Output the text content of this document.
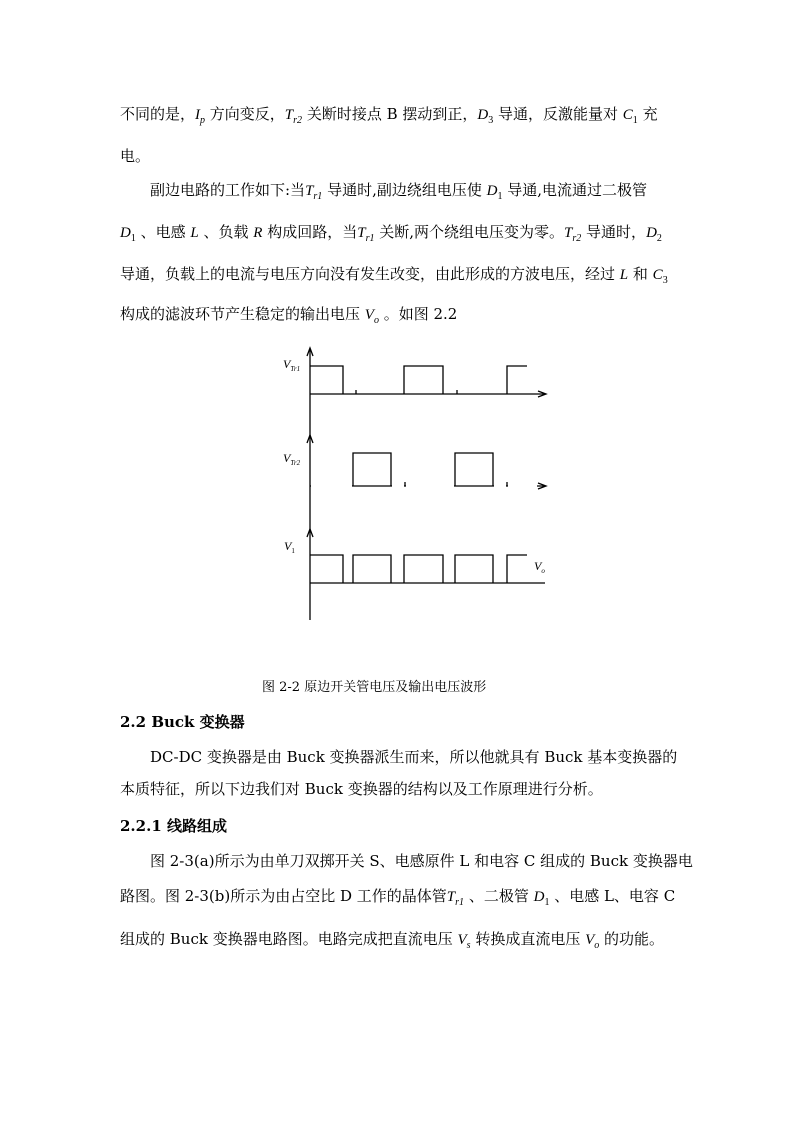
不同的是，$I_p$ 方向变反，$T_{r2}$ 关断时接点 B 摆动到正，$D_3$ 导通，反激能量对 $C_1$ 充
电。
副边电路的工作如下:当$T_{r1}$ 导通时,副边绕组电压使 $D_1$ 导通,电流通过二极管
$D_1$ 、电感 L 、负载 R 构成回路，当$T_{r1}$ 关断,两个绕组电压变为零。$T_{r2}$ 导通时，$D_2$
导通，负载上的电流与电压方向没有发生改变，由此形成的方波电压，经过 L 和 $C_3$
构成的滤波环节产生稳定的输出电压 $V_o$ 。如图 2.2
$V_{Tr1}$
$V_{Tr2}$
$V_1$
$V_o$
图 2-2 原边开关管电压及输出电压波形
2.2 Buck 变换器
DC-DC 变换器是由 Buck 变换器派生而来，所以他就具有 Buck 基本变换器的
本质特征，所以下边我们对 Buck 变换器的结构以及工作原理进行分析。
2.2.1 线路组成
图 2-3(a)所示为由单刀双掷开关 S、电感原件 L 和电容 C 组成的 Buck 变换器电
路图。图 2-3(b)所示为由占空比 D 工作的晶体管$T_{r1}$ 、二极管 $D_1$ 、电感 L、电容 C
组成的 Buck 变换器电路图。电路完成把直流电压 $V_s$ 转换成直流电压 $V_o$ 的功能。
